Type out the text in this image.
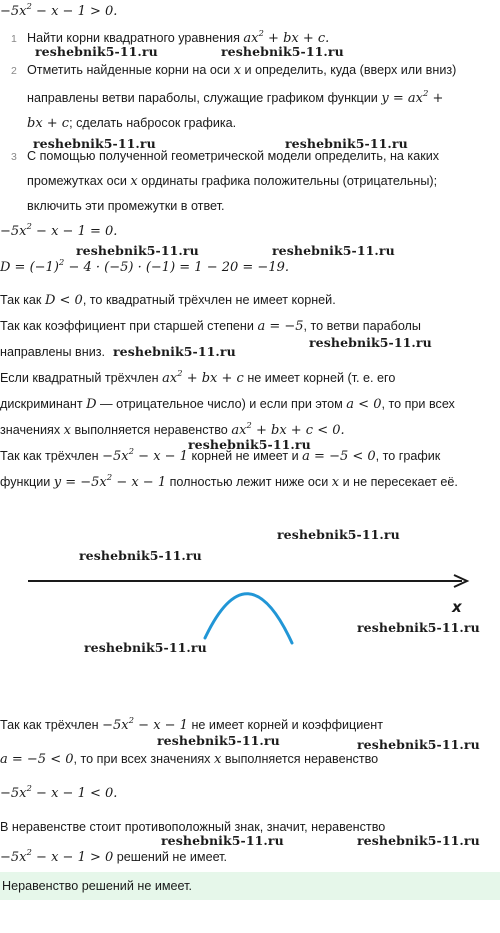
$-5x^2 - x - 1 > 0$.
1 Найти корни квадратного уравнения $ax^2$ + bx + c.
2 Отметить найденные корни на оси x и определить, куда (вверх или вниз)
направлены ветви параболы, служащие графиком функции $y = ax^2$ +
bx + c; сделать набросок графика.
3 С помощью полученной геометрической модели определить, на каких
промежутках оси x ординаты графика положительны (отрицательны);
включить эти промежутки в ответ.
$-5x^2 - x - 1 = 0$.
$D = (-1)^2 - 4 \cdot (-5) \cdot (-1) = 1 - 20 = -19$.
Так как D < 0, то квадратный трёхчлен не имеет корней.
Так как коэффициент при старшей степени a = −5, то ветви параболы
направлены вниз.
Если квадратный трёхчлен $ax^2$ + bx + c не имеет корней (т. е. его
дискриминант D — отрицательное число) и если при этом a < 0, то при всех
значениях x выполняется неравенство $ax^2$ + bx + c < 0.
Так как трёхчлен $-5x^2 - x - 1$ корней не имеет и a = −5 < 0, то график
функции $y = -5x^2 - x - 1$ полностью лежит ниже оси x и не пересекает её.
x
Так как трёхчлен $-5x^2 - x - 1$ не имеет корней и коэффициент
a = −5 < 0, то при всех значениях x выполняется неравенство
$-5x^2 - x - 1 < 0$.
В неравенстве стоит противоположный знак, значит, неравенство
$-5x^2 - x - 1 > 0$ решений не имеет.
Неравенство решений не имеет.
reshebnik5-11.ru	reshebnik5-11.ru
reshebnik5-11.ru	reshebnik5-11.ru
reshebnik5-11.ru	reshebnik5-11.ru
reshebnik5-11.ru
reshebnik5-11.ru
reshebnik5-11.ru
reshebnik5-11.ru
reshebnik5-11.ru
reshebnik5-11.ru
reshebnik5-11.ru
reshebnik5-11.ru	reshebnik5-11.ru
reshebnik5-11.ru	reshebnik5-11.ru
